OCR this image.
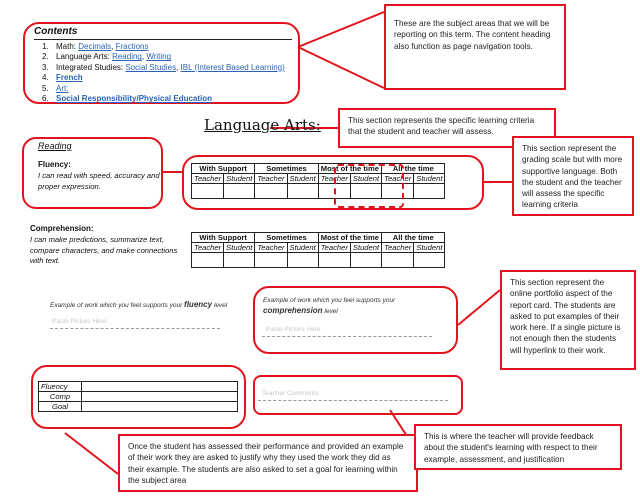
Contents
1. Math:
Decimals , Fractions
2. Language Arts:
Reading , Writing
3. Integrated Studies:
Social Studies , IBL (Interest Based Learning)
4. French
5. Art:
6. Social Responsibility/Physical Education
These are the subject areas that we will be reporting on this term. The content heading also function as page navigation tools.
Language Arts:	This section represents the specific learning criteria that the student and teacher will assess.
Reading
Fluency:
I can read with speed, accuracy and proper expression.
With Support		Sometimes		Most of the time		All the time	
Teacher	Student	Teacher	Student	Teacher	Student	Teacher	Student

This section represent the grading scale but with more supportive language. Both the student and the teacher will assess the specific learning criteria
Comprehension:
I can make predictions, summarize text, compare characters, and make connections with text.
With Support		Sometimes		Most of the time		All the time	
Teacher	Student	Teacher	Student	Teacher	Student	Teacher	Student

Example of work which you feel supports your fluency level
Paste Picture Here
Example of work which you feel supports your comprehension level
Paste Picture Here
This section represent the online portfolio aspect of the report card. The students are asked to put examples of their work here. If a single picture is not enough then the students will hyperlink to their work.
Fluency	
Comp	
Goal	
Teacher Comments
Once the student has assessed their performance and provided an example of their work they are asked to justify why they used the work they did as their example. The students are also asked to set a goal for learning within the subject area
This is where the teacher will provide feedback about the student's learning with respect to their example, assessment, and justification
